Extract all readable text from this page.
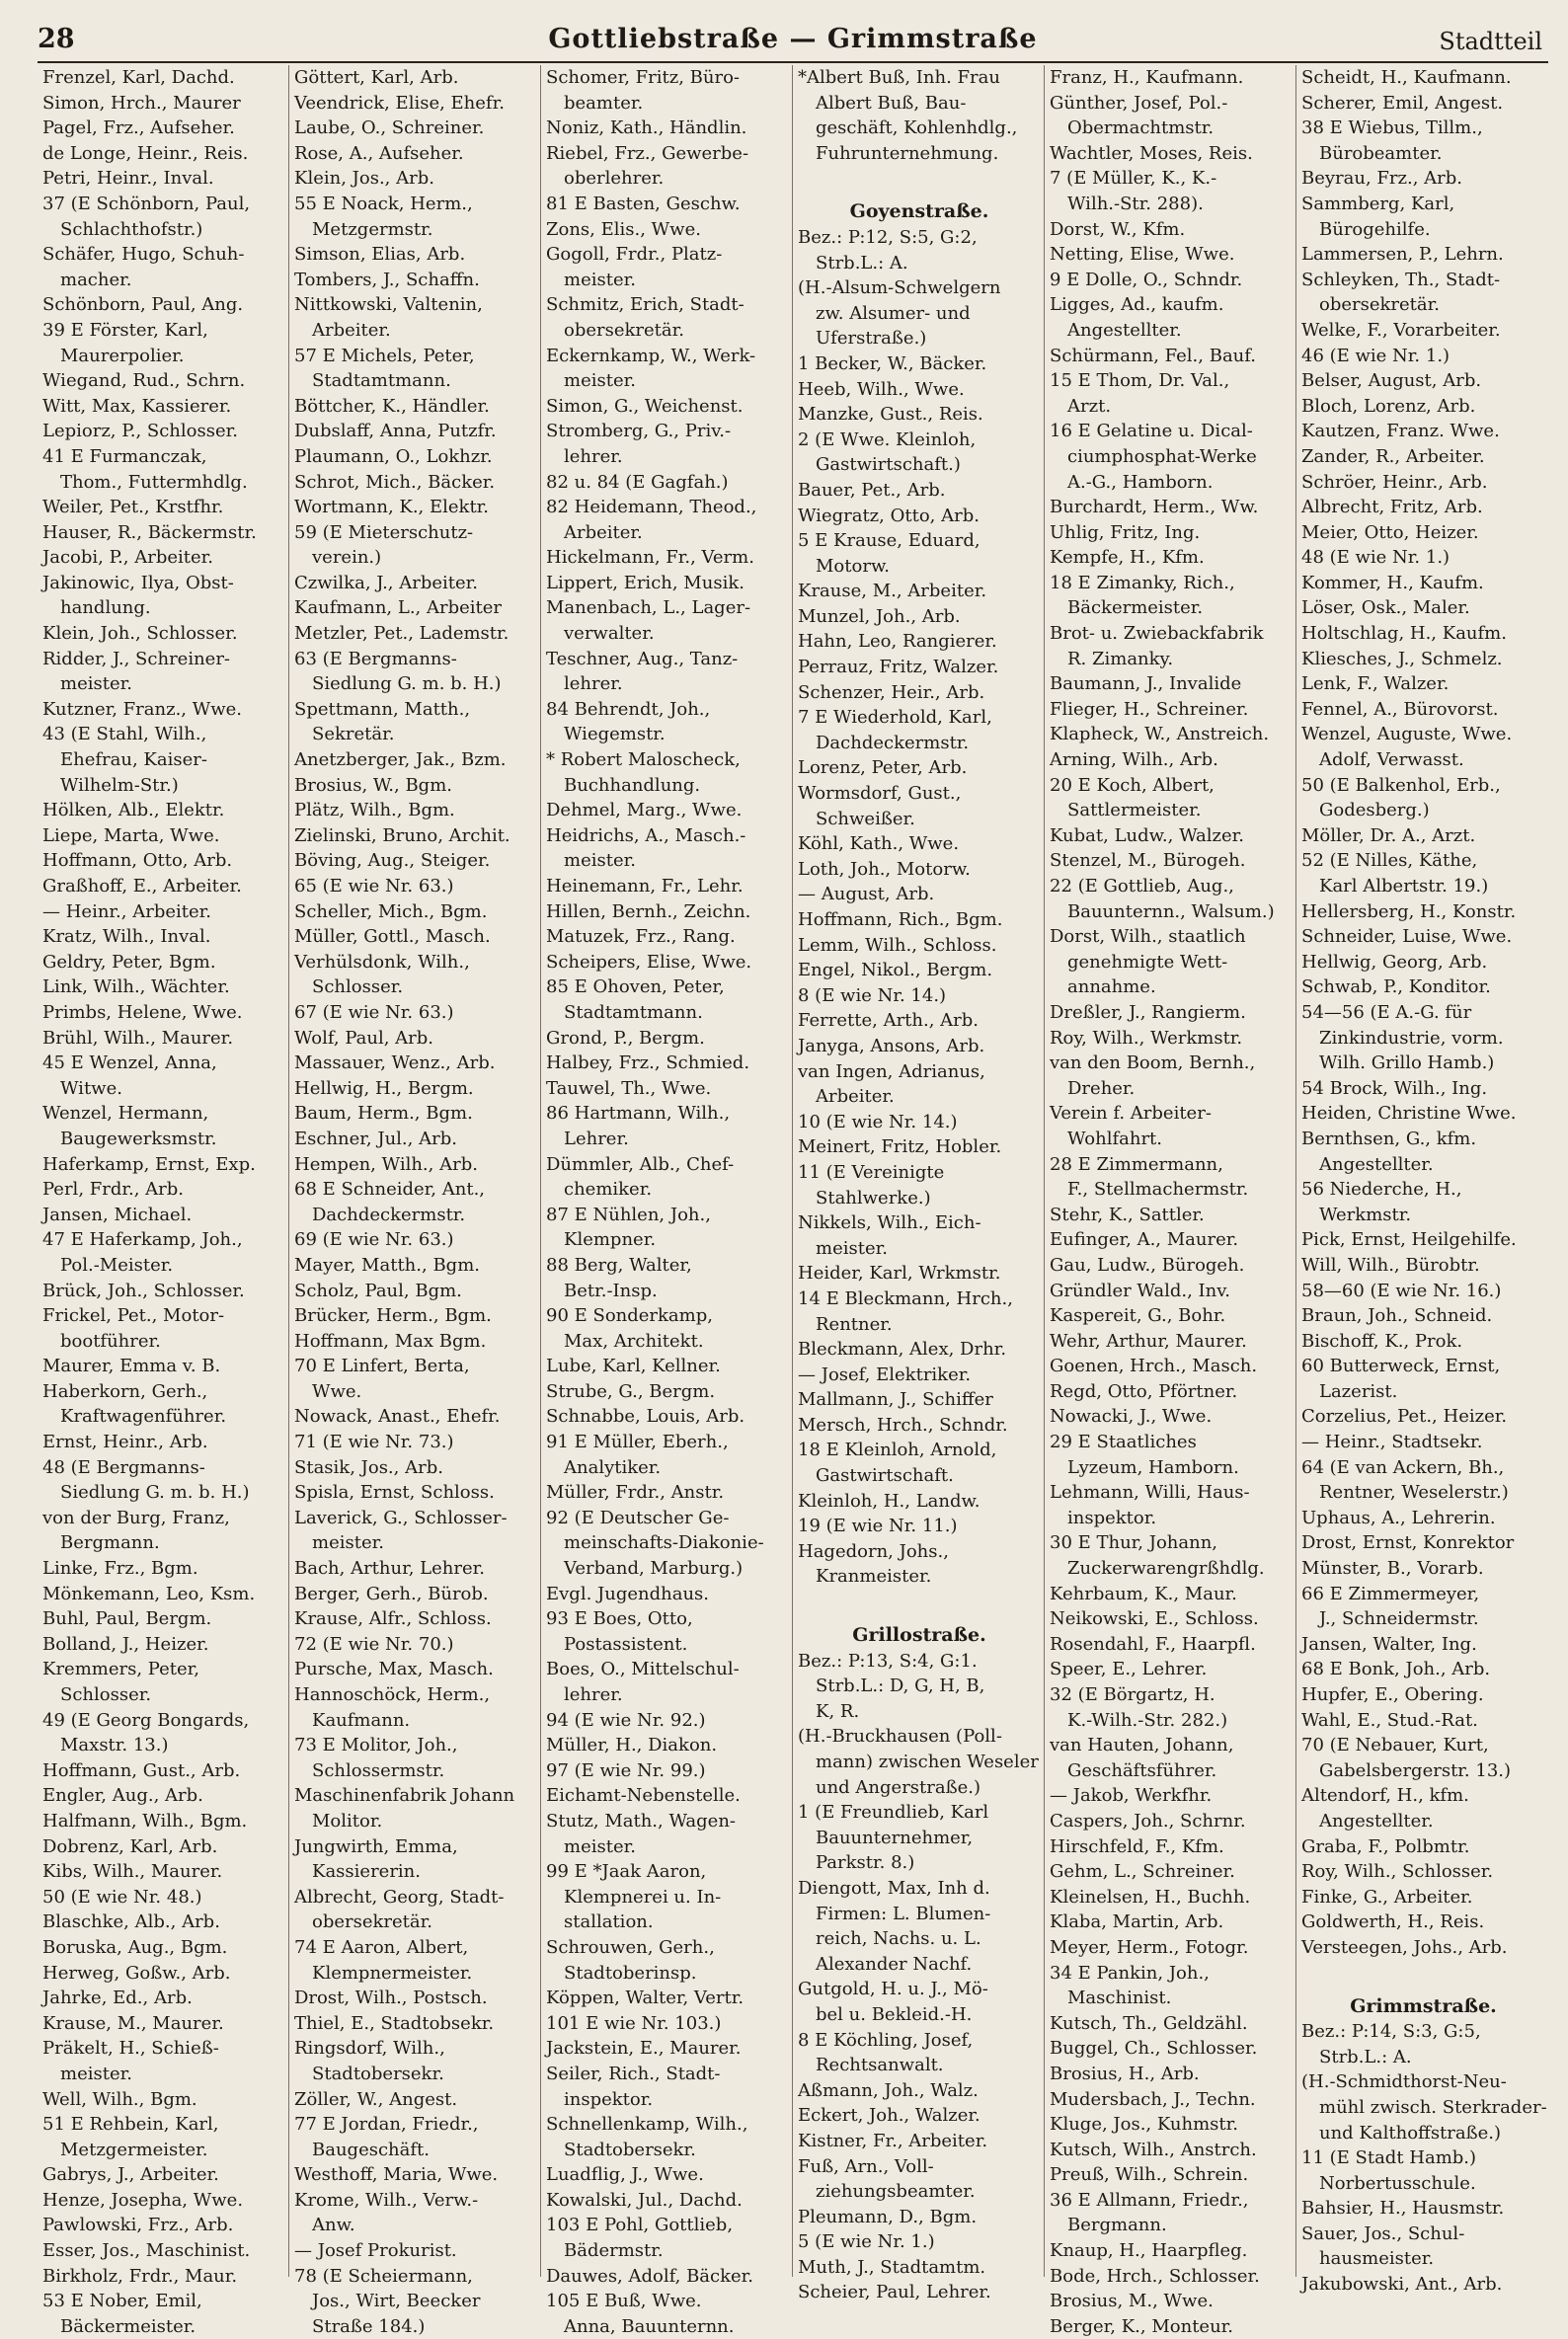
28	Gottliebstraße — Grimmstraße	Stadtteil
Frenzel, Karl, Dachd.
Simon, Hrch., Maurer
Pagel, Frz., Aufseher.
de Longe, Heinr., Reis.
Petri, Heinr., Inval.
37 (E Schönborn, Paul,
Schlachthofstr.)
Schäfer, Hugo, Schuh-
macher.
Schönborn, Paul, Ang.
39 E Förster, Karl,
Maurerpolier.
Wiegand, Rud., Schrn.
Witt, Max, Kassierer.
Lepiorz, P., Schlosser.
41 E Furmanczak,
Thom., Futtermhdlg.
Weiler, Pet., Krstfhr.
Hauser, R., Bäckermstr.
Jacobi, P., Arbeiter.
Jakinowic, Ilya, Obst-
handlung.
Klein, Joh., Schlosser.
Ridder, J., Schreiner-
meister.
Kutzner, Franz., Wwe.
43 (E Stahl, Wilh.,
Ehefrau, Kaiser-
Wilhelm-Str.)
Hölken, Alb., Elektr.
Liepe, Marta, Wwe.
Hoffmann, Otto, Arb.
Graßhoff, E., Arbeiter.
— Heinr., Arbeiter.
Kratz, Wilh., Inval.
Geldry, Peter, Bgm.
Link, Wilh., Wächter.
Primbs, Helene, Wwe.
Brühl, Wilh., Maurer.
45 E Wenzel, Anna,
Witwe.
Wenzel, Hermann,
Baugewerksmstr.
Haferkamp, Ernst, Exp.
Perl, Frdr., Arb.
Jansen, Michael.
47 E Haferkamp, Joh.,
Pol.-Meister.
Brück, Joh., Schlosser.
Frickel, Pet., Motor-
bootführer.
Maurer, Emma v. B.
Haberkorn, Gerh.,
Kraftwagenführer.
Ernst, Heinr., Arb.
48 (E Bergmanns-
Siedlung G. m. b. H.)
von der Burg, Franz,
Bergmann.
Linke, Frz., Bgm.
Mönkemann, Leo, Ksm.
Buhl, Paul, Bergm.
Bolland, J., Heizer.
Kremmers, Peter,
Schlosser.
49 (E Georg Bongards,
Maxstr. 13.)
Hoffmann, Gust., Arb.
Engler, Aug., Arb.
Halfmann, Wilh., Bgm.
Dobrenz, Karl, Arb.
Kibs, Wilh., Maurer.
50 (E wie Nr. 48.)
Blaschke, Alb., Arb.
Boruska, Aug., Bgm.
Herweg, Goßw., Arb.
Jahrke, Ed., Arb.
Krause, M., Maurer.
Präkelt, H., Schieß-
meister.
Well, Wilh., Bgm.
51 E Rehbein, Karl,
Metzgermeister.
Gabrys, J., Arbeiter.
Henze, Josepha, Wwe.
Pawlowski, Frz., Arb.
Esser, Jos., Maschinist.
Birkholz, Frdr., Maur.
53 E Nober, Emil,
Bäckermeister.
Göttert, Karl, Arb.
Veendrick, Elise, Ehefr.
Laube, O., Schreiner.
Rose, A., Aufseher.
Klein, Jos., Arb.
55 E Noack, Herm.,
Metzgermstr.
Simson, Elias, Arb.
Tombers, J., Schaffn.
Nittkowski, Valtenin,
Arbeiter.
57 E Michels, Peter,
Stadtamtmann.
Böttcher, K., Händler.
Dubslaff, Anna, Putzfr.
Plaumann, O., Lokhzr.
Schrot, Mich., Bäcker.
Wortmann, K., Elektr.
59 (E Mieterschutz-
verein.)
Czwilka, J., Arbeiter.
Kaufmann, L., Arbeiter
Metzler, Pet., Lademstr.
63 (E Bergmanns-
Siedlung G. m. b. H.)
Spettmann, Matth.,
Sekretär.
Anetzberger, Jak., Bzm.
Brosius, W., Bgm.
Plätz, Wilh., Bgm.
Zielinski, Bruno, Archit.
Böving, Aug., Steiger.
65 (E wie Nr. 63.)
Scheller, Mich., Bgm.
Müller, Gottl., Masch.
Verhülsdonk, Wilh.,
Schlosser.
67 (E wie Nr. 63.)
Wolf, Paul, Arb.
Massauer, Wenz., Arb.
Hellwig, H., Bergm.
Baum, Herm., Bgm.
Eschner, Jul., Arb.
Hempen, Wilh., Arb.
68 E Schneider, Ant.,
Dachdeckermstr.
69 (E wie Nr. 63.)
Mayer, Matth., Bgm.
Scholz, Paul, Bgm.
Brücker, Herm., Bgm.
Hoffmann, Max Bgm.
70 E Linfert, Berta,
Wwe.
Nowack, Anast., Ehefr.
71 (E wie Nr. 73.)
Stasik, Jos., Arb.
Spisla, Ernst, Schloss.
Laverick, G., Schlosser-
meister.
Bach, Arthur, Lehrer.
Berger, Gerh., Bürob.
Krause, Alfr., Schloss.
72 (E wie Nr. 70.)
Pursche, Max, Masch.
Hannoschöck, Herm.,
Kaufmann.
73 E Molitor, Joh.,
Schlossermstr.
Maschinenfabrik Johann
Molitor.
Jungwirth, Emma,
Kassiererin.
Albrecht, Georg, Stadt-
obersekretär.
74 E Aaron, Albert,
Klempnermeister.
Drost, Wilh., Postsch.
Thiel, E., Stadtobsekr.
Ringsdorf, Wilh.,
Stadtobersekr.
Zöller, W., Angest.
77 E Jordan, Friedr.,
Baugeschäft.
Westhoff, Maria, Wwe.
Krome, Wilh., Verw.-
Anw.
— Josef Prokurist.
78 (E Scheiermann,
Jos., Wirt, Beecker
Straße 184.)
Schomer, Fritz, Büro-
beamter.
Noniz, Kath., Händlin.
Riebel, Frz., Gewerbe-
oberlehrer.
81 E Basten, Geschw.
Zons, Elis., Wwe.
Gogoll, Frdr., Platz-
meister.
Schmitz, Erich, Stadt-
obersekretär.
Eckernkamp, W., Werk-
meister.
Simon, G., Weichenst.
Stromberg, G., Priv.-
lehrer.
82 u. 84 (E Gagfah.)
82 Heidemann, Theod.,
Arbeiter.
Hickelmann, Fr., Verm.
Lippert, Erich, Musik.
Manenbach, L., Lager-
verwalter.
Teschner, Aug., Tanz-
lehrer.
84 Behrendt, Joh.,
Wiegemstr.
* Robert Maloscheck,
Buchhandlung.
Dehmel, Marg., Wwe.
Heidrichs, A., Masch.-
meister.
Heinemann, Fr., Lehr.
Hillen, Bernh., Zeichn.
Matuzek, Frz., Rang.
Scheipers, Elise, Wwe.
85 E Ohoven, Peter,
Stadtamtmann.
Grond, P., Bergm.
Halbey, Frz., Schmied.
Tauwel, Th., Wwe.
86 Hartmann, Wilh.,
Lehrer.
Dümmler, Alb., Chef-
chemiker.
87 E Nühlen, Joh.,
Klempner.
88 Berg, Walter,
Betr.-Insp.
90 E Sonderkamp,
Max, Architekt.
Lube, Karl, Kellner.
Strube, G., Bergm.
Schnabbe, Louis, Arb.
91 E Müller, Eberh.,
Analytiker.
Müller, Frdr., Anstr.
92 (E Deutscher Ge-
meinschafts-Diakonie-
Verband, Marburg.)
Evgl. Jugendhaus.
93 E Boes, Otto,
Postassistent.
Boes, O., Mittelschul-
lehrer.
94 (E wie Nr. 92.)
Müller, H., Diakon.
97 (E wie Nr. 99.)
Eichamt-Nebenstelle.
Stutz, Math., Wagen-
meister.
99 E *Jaak Aaron,
Klempnerei u. In-
stallation.
Schrouwen, Gerh.,
Stadtoberinsp.
Köppen, Walter, Vertr.
101 E wie Nr. 103.)
Jackstein, E., Maurer.
Seiler, Rich., Stadt-
inspektor.
Schnellenkamp, Wilh.,
Stadtobersekr.
Luadflig, J., Wwe.
Kowalski, Jul., Dachd.
103 E Pohl, Gottlieb,
Bädermstr.
Dauwes, Adolf, Bäcker.
105 E Buß, Wwe.
Anna, Bauunternn.
*Albert Buß, Inh. Frau
Albert Buß, Bau-
geschäft, Kohlenhdlg.,
Fuhrunternehmung.
Goyenstraße.
Bez.: P:12, S:5, G:2,
Strb.L.: A.
(H.-Alsum-Schwelgern
zw. Alsumer- und
Uferstraße.)
1 Becker, W., Bäcker.
Heeb, Wilh., Wwe.
Manzke, Gust., Reis.
2 (E Wwe. Kleinloh,
Gastwirtschaft.)
Bauer, Pet., Arb.
Wiegratz, Otto, Arb.
5 E Krause, Eduard,
Motorw.
Krause, M., Arbeiter.
Munzel, Joh., Arb.
Hahn, Leo, Rangierer.
Perrauz, Fritz, Walzer.
Schenzer, Heir., Arb.
7 E Wiederhold, Karl,
Dachdeckermstr.
Lorenz, Peter, Arb.
Wormsdorf, Gust.,
Schweißer.
Köhl, Kath., Wwe.
Loth, Joh., Motorw.
— August, Arb.
Hoffmann, Rich., Bgm.
Lemm, Wilh., Schloss.
Engel, Nikol., Bergm.
8 (E wie Nr. 14.)
Ferrette, Arth., Arb.
Janyga, Ansons, Arb.
van Ingen, Adrianus,
Arbeiter.
10 (E wie Nr. 14.)
Meinert, Fritz, Hobler.
11 (E Vereinigte
Stahlwerke.)
Nikkels, Wilh., Eich-
meister.
Heider, Karl, Wrkmstr.
14 E Bleckmann, Hrch.,
Rentner.
Bleckmann, Alex, Drhr.
— Josef, Elektriker.
Mallmann, J., Schiffer
Mersch, Hrch., Schndr.
18 E Kleinloh, Arnold,
Gastwirtschaft.
Kleinloh, H., Landw.
19 (E wie Nr. 11.)
Hagedorn, Johs.,
Kranmeister.
Grillostraße.
Bez.: P:13, S:4, G:1.
Strb.L.: D, G, H, B,
K, R.
(H.-Bruckhausen (Poll-
mann) zwischen Weseler
und Angerstraße.)
1 (E Freundlieb, Karl
Bauunternehmer,
Parkstr. 8.)
Diengott, Max, Inh d.
Firmen: L. Blumen-
reich, Nachs. u. L.
Alexander Nachf.
Gutgold, H. u. J., Mö-
bel u. Bekleid.-H.
8 E Köchling, Josef,
Rechtsanwalt.
Aßmann, Joh., Walz.
Eckert, Joh., Walzer.
Kistner, Fr., Arbeiter.
Fuß, Arn., Voll-
ziehungsbeamter.
Pleumann, D., Bgm.
5 (E wie Nr. 1.)
Muth, J., Stadtamtm.
Scheier, Paul, Lehrer.
Franz, H., Kaufmann.
Günther, Josef, Pol.-
Obermachtmstr.
Wachtler, Moses, Reis.
7 (E Müller, K., K.-
Wilh.-Str. 288).
Dorst, W., Kfm.
Netting, Elise, Wwe.
9 E Dolle, O., Schndr.
Ligges, Ad., kaufm.
Angestellter.
Schürmann, Fel., Bauf.
15 E Thom, Dr. Val.,
Arzt.
16 E Gelatine u. Dical-
ciumphosphat-Werke
A.-G., Hamborn.
Burchardt, Herm., Ww.
Uhlig, Fritz, Ing.
Kempfe, H., Kfm.
18 E Zimanky, Rich.,
Bäckermeister.
Brot- u. Zwiebackfabrik
R. Zimanky.
Baumann, J., Invalide
Flieger, H., Schreiner.
Klapheck, W., Anstreich.
Arning, Wilh., Arb.
20 E Koch, Albert,
Sattlermeister.
Kubat, Ludw., Walzer.
Stenzel, M., Bürogeh.
22 (E Gottlieb, Aug.,
Bauunternn., Walsum.)
Dorst, Wilh., staatlich
genehmigte Wett-
annahme.
Dreßler, J., Rangierm.
Roy, Wilh., Werkmstr.
van den Boom, Bernh.,
Dreher.
Verein f. Arbeiter-
Wohlfahrt.
28 E Zimmermann,
F., Stellmachermstr.
Stehr, K., Sattler.
Eufinger, A., Maurer.
Gau, Ludw., Bürogeh.
Gründler Wald., Inv.
Kaspereit, G., Bohr.
Wehr, Arthur, Maurer.
Goenen, Hrch., Masch.
Regd, Otto, Pförtner.
Nowacki, J., Wwe.
29 E Staatliches
Lyzeum, Hamborn.
Lehmann, Willi, Haus-
inspektor.
30 E Thur, Johann,
Zuckerwarengrßhdlg.
Kehrbaum, K., Maur.
Neikowski, E., Schloss.
Rosendahl, F., Haarpfl.
Speer, E., Lehrer.
32 (E Börgartz, H.
K.-Wilh.-Str. 282.)
van Hauten, Johann,
Geschäftsführer.
— Jakob, Werkfhr.
Caspers, Joh., Schrnr.
Hirschfeld, F., Kfm.
Gehm, L., Schreiner.
Kleinelsen, H., Buchh.
Klaba, Martin, Arb.
Meyer, Herm., Fotogr.
34 E Pankin, Joh.,
Maschinist.
Kutsch, Th., Geldzähl.
Buggel, Ch., Schlosser.
Brosius, H., Arb.
Mudersbach, J., Techn.
Kluge, Jos., Kuhmstr.
Kutsch, Wilh., Anstrch.
Preuß, Wilh., Schrein.
36 E Allmann, Friedr.,
Bergmann.
Knaup, H., Haarpfleg.
Bode, Hrch., Schlosser.
Brosius, M., Wwe.
Berger, K., Monteur.
Scheidt, H., Kaufmann.
Scherer, Emil, Angest.
38 E Wiebus, Tillm.,
Bürobeamter.
Beyrau, Frz., Arb.
Sammberg, Karl,
Bürogehilfe.
Lammersen, P., Lehrn.
Schleyken, Th., Stadt-
obersekretär.
Welke, F., Vorarbeiter.
46 (E wie Nr. 1.)
Belser, August, Arb.
Bloch, Lorenz, Arb.
Kautzen, Franz. Wwe.
Zander, R., Arbeiter.
Schröer, Heinr., Arb.
Albrecht, Fritz, Arb.
Meier, Otto, Heizer.
48 (E wie Nr. 1.)
Kommer, H., Kaufm.
Löser, Osk., Maler.
Holtschlag, H., Kaufm.
Kliesches, J., Schmelz.
Lenk, F., Walzer.
Fennel, A., Bürovorst.
Wenzel, Auguste, Wwe.
Adolf, Verwasst.
50 (E Balkenhol, Erb.,
Godesberg.)
Möller, Dr. A., Arzt.
52 (E Nilles, Käthe,
Karl Albertstr. 19.)
Hellersberg, H., Konstr.
Schneider, Luise, Wwe.
Hellwig, Georg, Arb.
Schwab, P., Konditor.
54—56 (E A.-G. für
Zinkindustrie, vorm.
Wilh. Grillo Hamb.)
54 Brock, Wilh., Ing.
Heiden, Christine Wwe.
Bernthsen, G., kfm.
Angestellter.
56 Niederche, H.,
Werkmstr.
Pick, Ernst, Heilgehilfe.
Will, Wilh., Bürobtr.
58—60 (E wie Nr. 16.)
Braun, Joh., Schneid.
Bischoff, K., Prok.
60 Butterweck, Ernst,
Lazerist.
Corzelius, Pet., Heizer.
— Heinr., Stadtsekr.
64 (E van Ackern, Bh.,
Rentner, Weselerstr.)
Uphaus, A., Lehrerin.
Drost, Ernst, Konrektor
Münster, B., Vorarb.
66 E Zimmermeyer,
J., Schneidermstr.
Jansen, Walter, Ing.
68 E Bonk, Joh., Arb.
Hupfer, E., Obering.
Wahl, E., Stud.-Rat.
70 (E Nebauer, Kurt,
Gabelsbergerstr. 13.)
Altendorf, H., kfm.
Angestellter.
Graba, F., Polbmtr.
Roy, Wilh., Schlosser.
Finke, G., Arbeiter.
Goldwerth, H., Reis.
Versteegen, Johs., Arb.
Grimmstraße.
Bez.: P:14, S:3, G:5,
Strb.L.: A.
(H.-Schmidthorst-Neu-
mühl zwisch. Sterkrader-
und Kalthoffstraße.)
11 (E Stadt Hamb.)
Norbertusschule.
Bahsier, H., Hausmstr.
Sauer, Jos., Schul-
hausmeister.
Jakubowski, Ant., Arb.
